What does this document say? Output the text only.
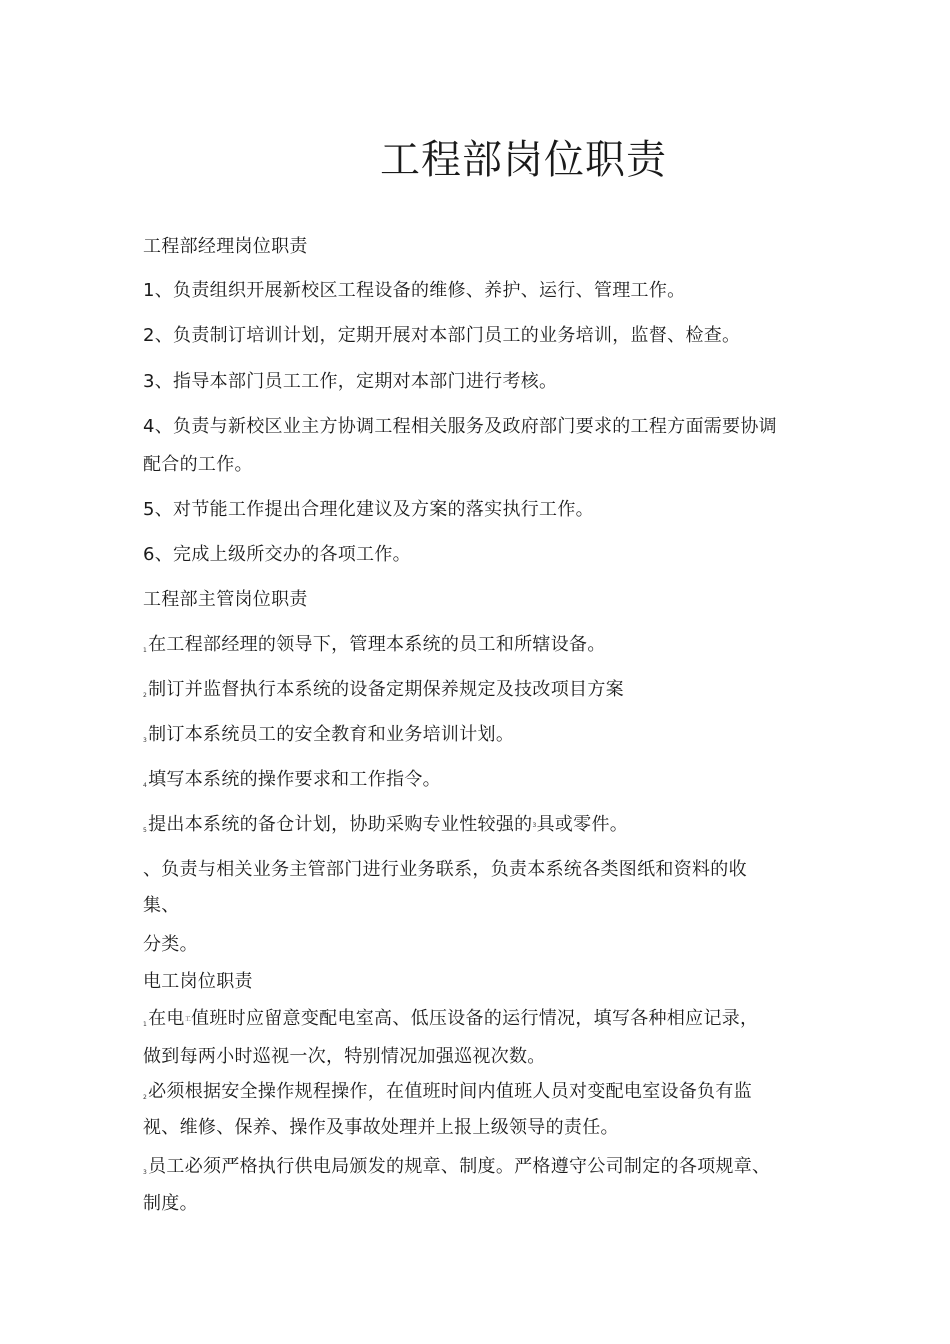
工程部岗位职责
工程部经理岗位职责
1、负责组织开展新校区工程设备的维修、养护、运行、管理工作。
2、负责制订培训计划，定期开展对本部门员工的业务培训，监督、检查。
3、指导本部门员工工作，定期对本部门进行考核。
4、负责与新校区业主方协调工程相关服务及政府部门要求的工程方面需要协调
配合的工作。
5、对节能工作提出合理化建议及方案的落实执行工作。
6、完成上级所交办的各项工作。
工程部主管岗位职责
1在工程部经理的领导下，管理本系统的员工和所辖设备。
2制订并监督执行本系统的设备定期保养规定及技改项目方案
3制订本系统员工的安全教育和业务培训计划。
4填写本系统的操作要求和工作指令。
5提出本系统的备仓计划，协助采购专业性较强的3具或零件。
、负责与相关业务主管部门进行业务联系，负责本系统各类图纸和资料的收
集、
分类。
电工岗位职责
1在电工值班时应留意变配电室高、低压设备的运行情况，填写各种相应记录，
做到每两小时巡视一次，特别情况加强巡视次数。
2必须根据安全操作规程操作，在值班时间内值班人员对变配电室设备负有监
视、维修、保养、操作及事故处理并上报上级领导的责任。
3员工必须严格执行供电局颁发的规章、制度。严格遵守公司制定的各项规章、
制度。
